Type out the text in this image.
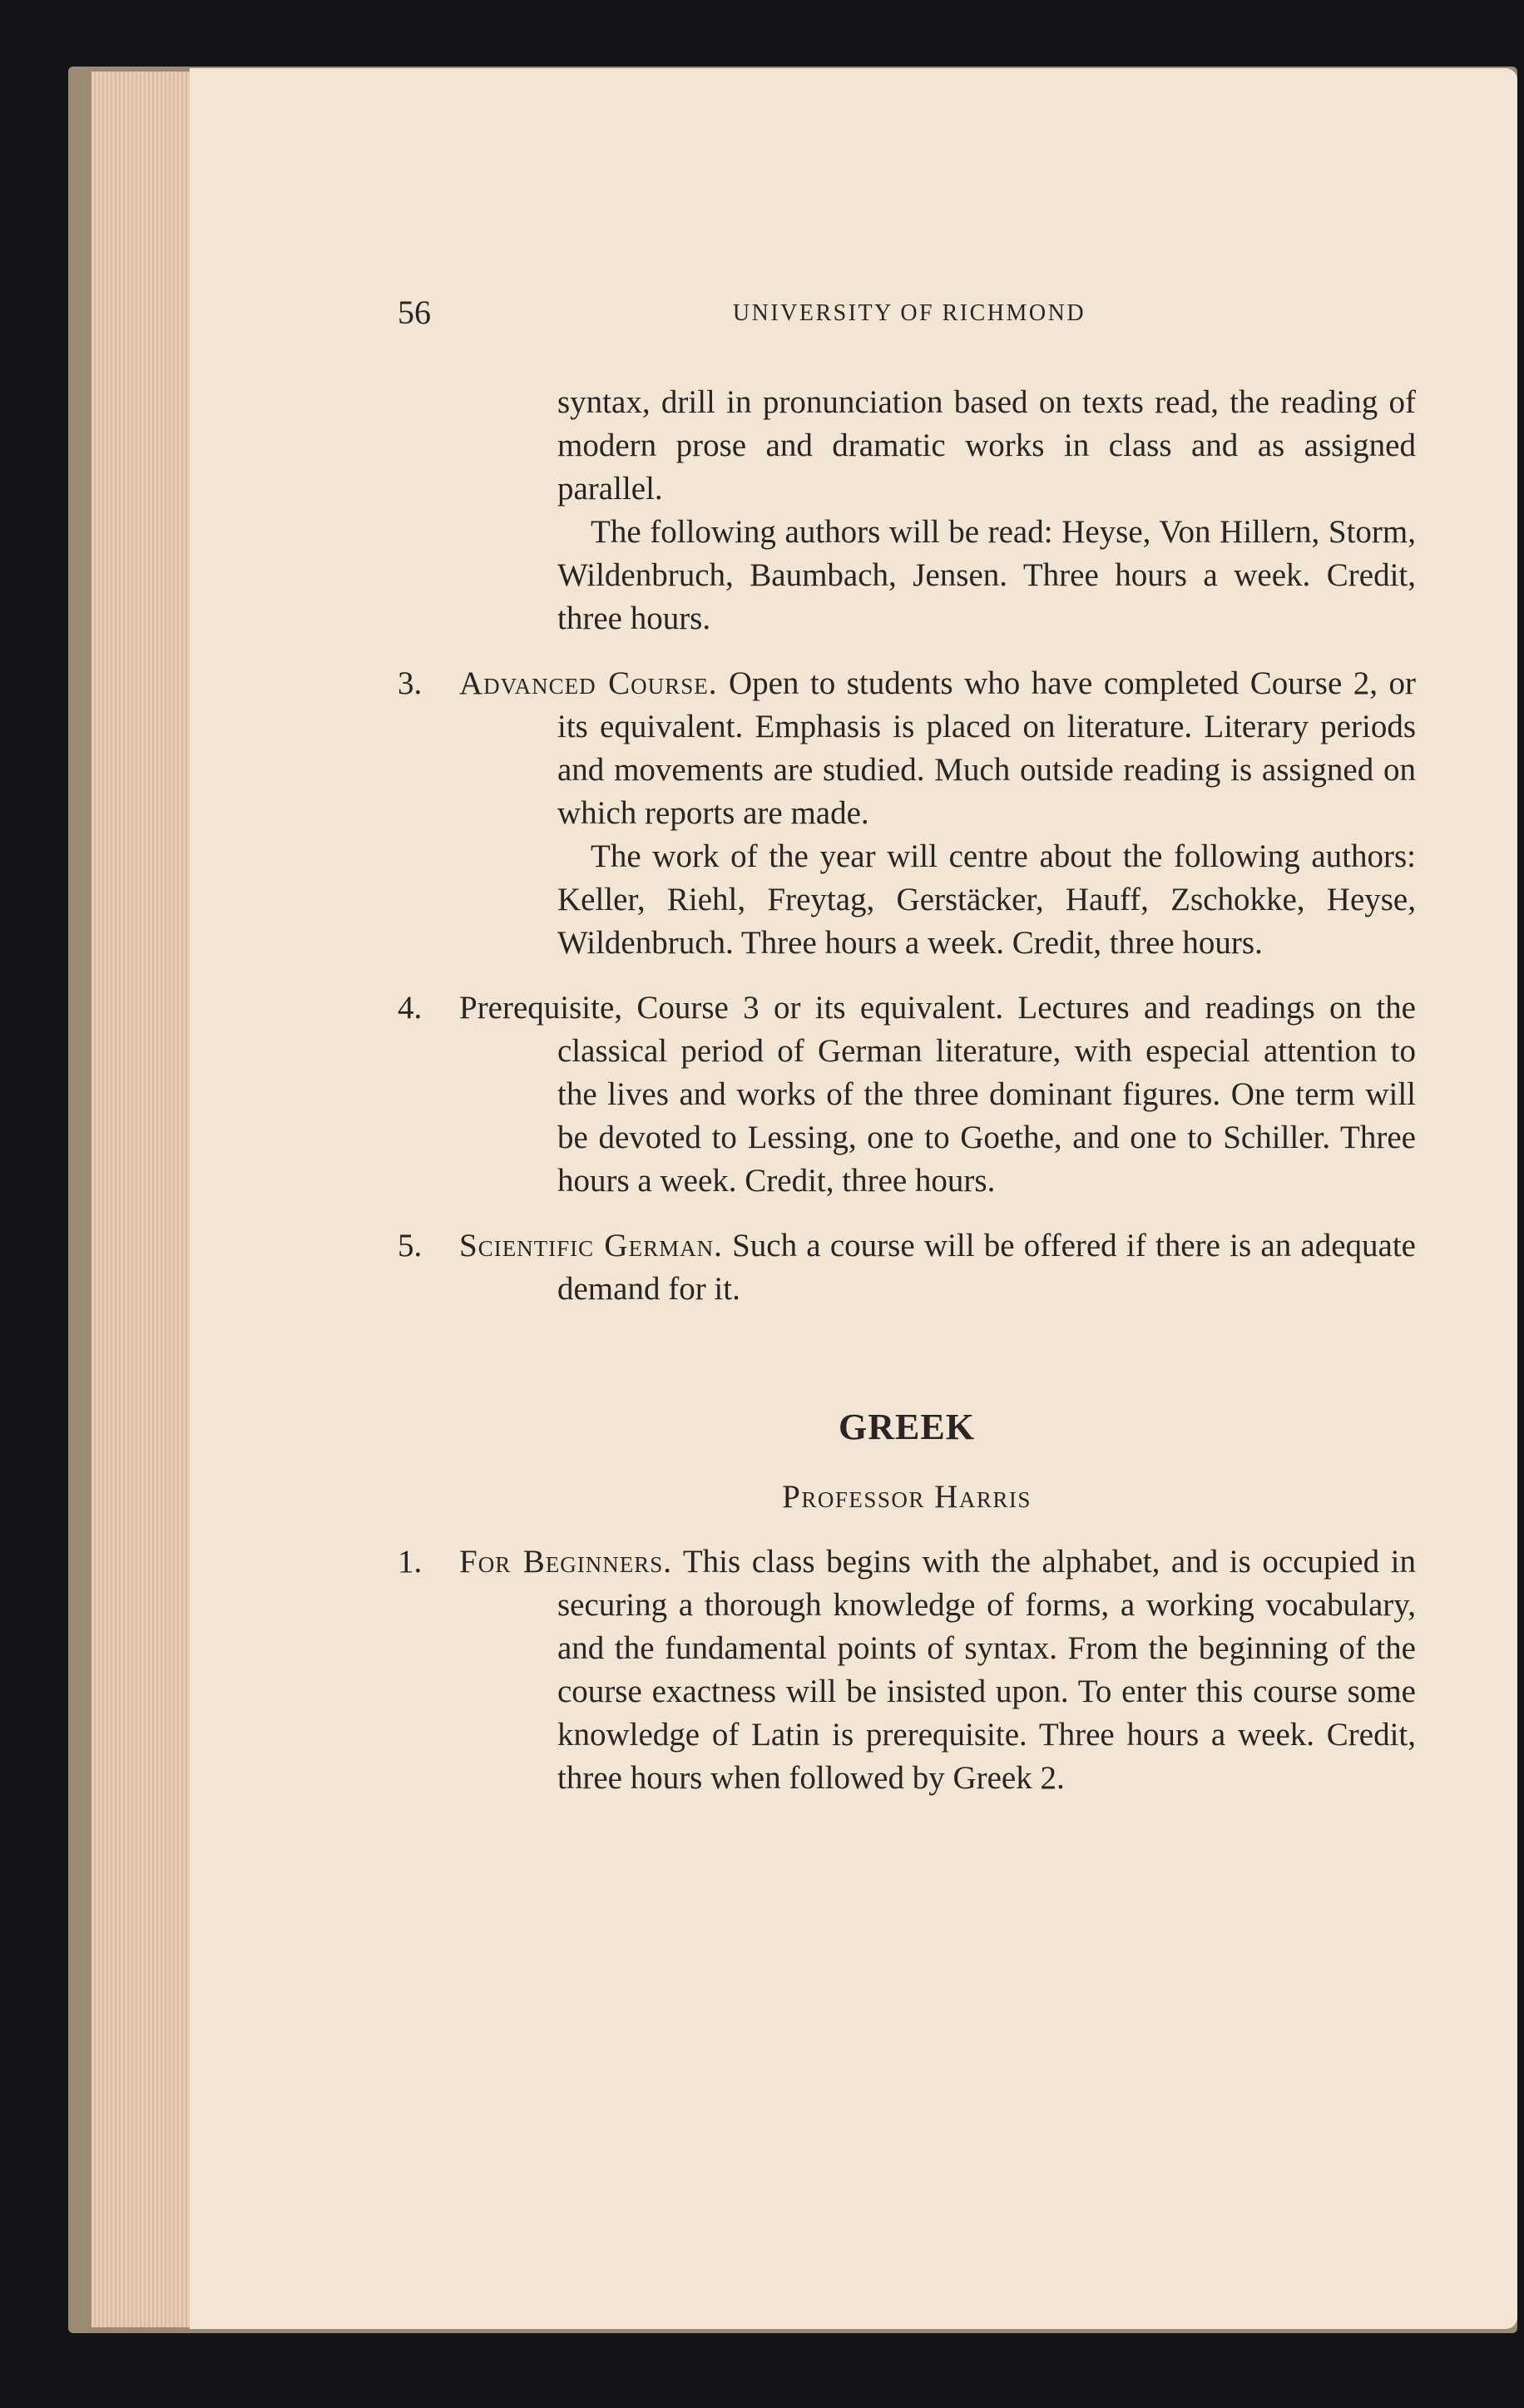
56	UNIVERSITY OF RICHMOND

syntax, drill in pronunciation based on texts read, the reading of modern prose and dramatic works in class and as assigned parallel.

The following authors will be read: Heyse, Von Hillern, Storm, Wildenbruch, Baumbach, Jensen. Three hours a week. Credit, three hours.

3. Advanced Course. Open to students who have completed Course 2, or its equivalent. Emphasis is placed on literature. Literary periods and movements are studied. Much outside reading is assigned on which reports are made.

The work of the year will centre about the following authors: Keller, Riehl, Freytag, Gerstäcker, Hauff, Zschokke, Heyse, Wildenbruch. Three hours a week. Credit, three hours.

4. Prerequisite, Course 3 or its equivalent. Lectures and readings on the classical period of German literature, with especial attention to the lives and works of the three dominant figures. One term will be devoted to Lessing, one to Goethe, and one to Schiller. Three hours a week. Credit, three hours.

5. Scientific German. Such a course will be offered if there is an adequate demand for it.

GREEK
Professor Harris
1. For Beginners. This class begins with the alphabet, and is occupied in securing a thorough knowledge of forms, a working vocabulary, and the fundamental points of syntax. From the beginning of the course exactness will be insisted upon. To enter this course some knowledge of Latin is prerequisite. Three hours a week. Credit, three hours when followed by Greek 2.
